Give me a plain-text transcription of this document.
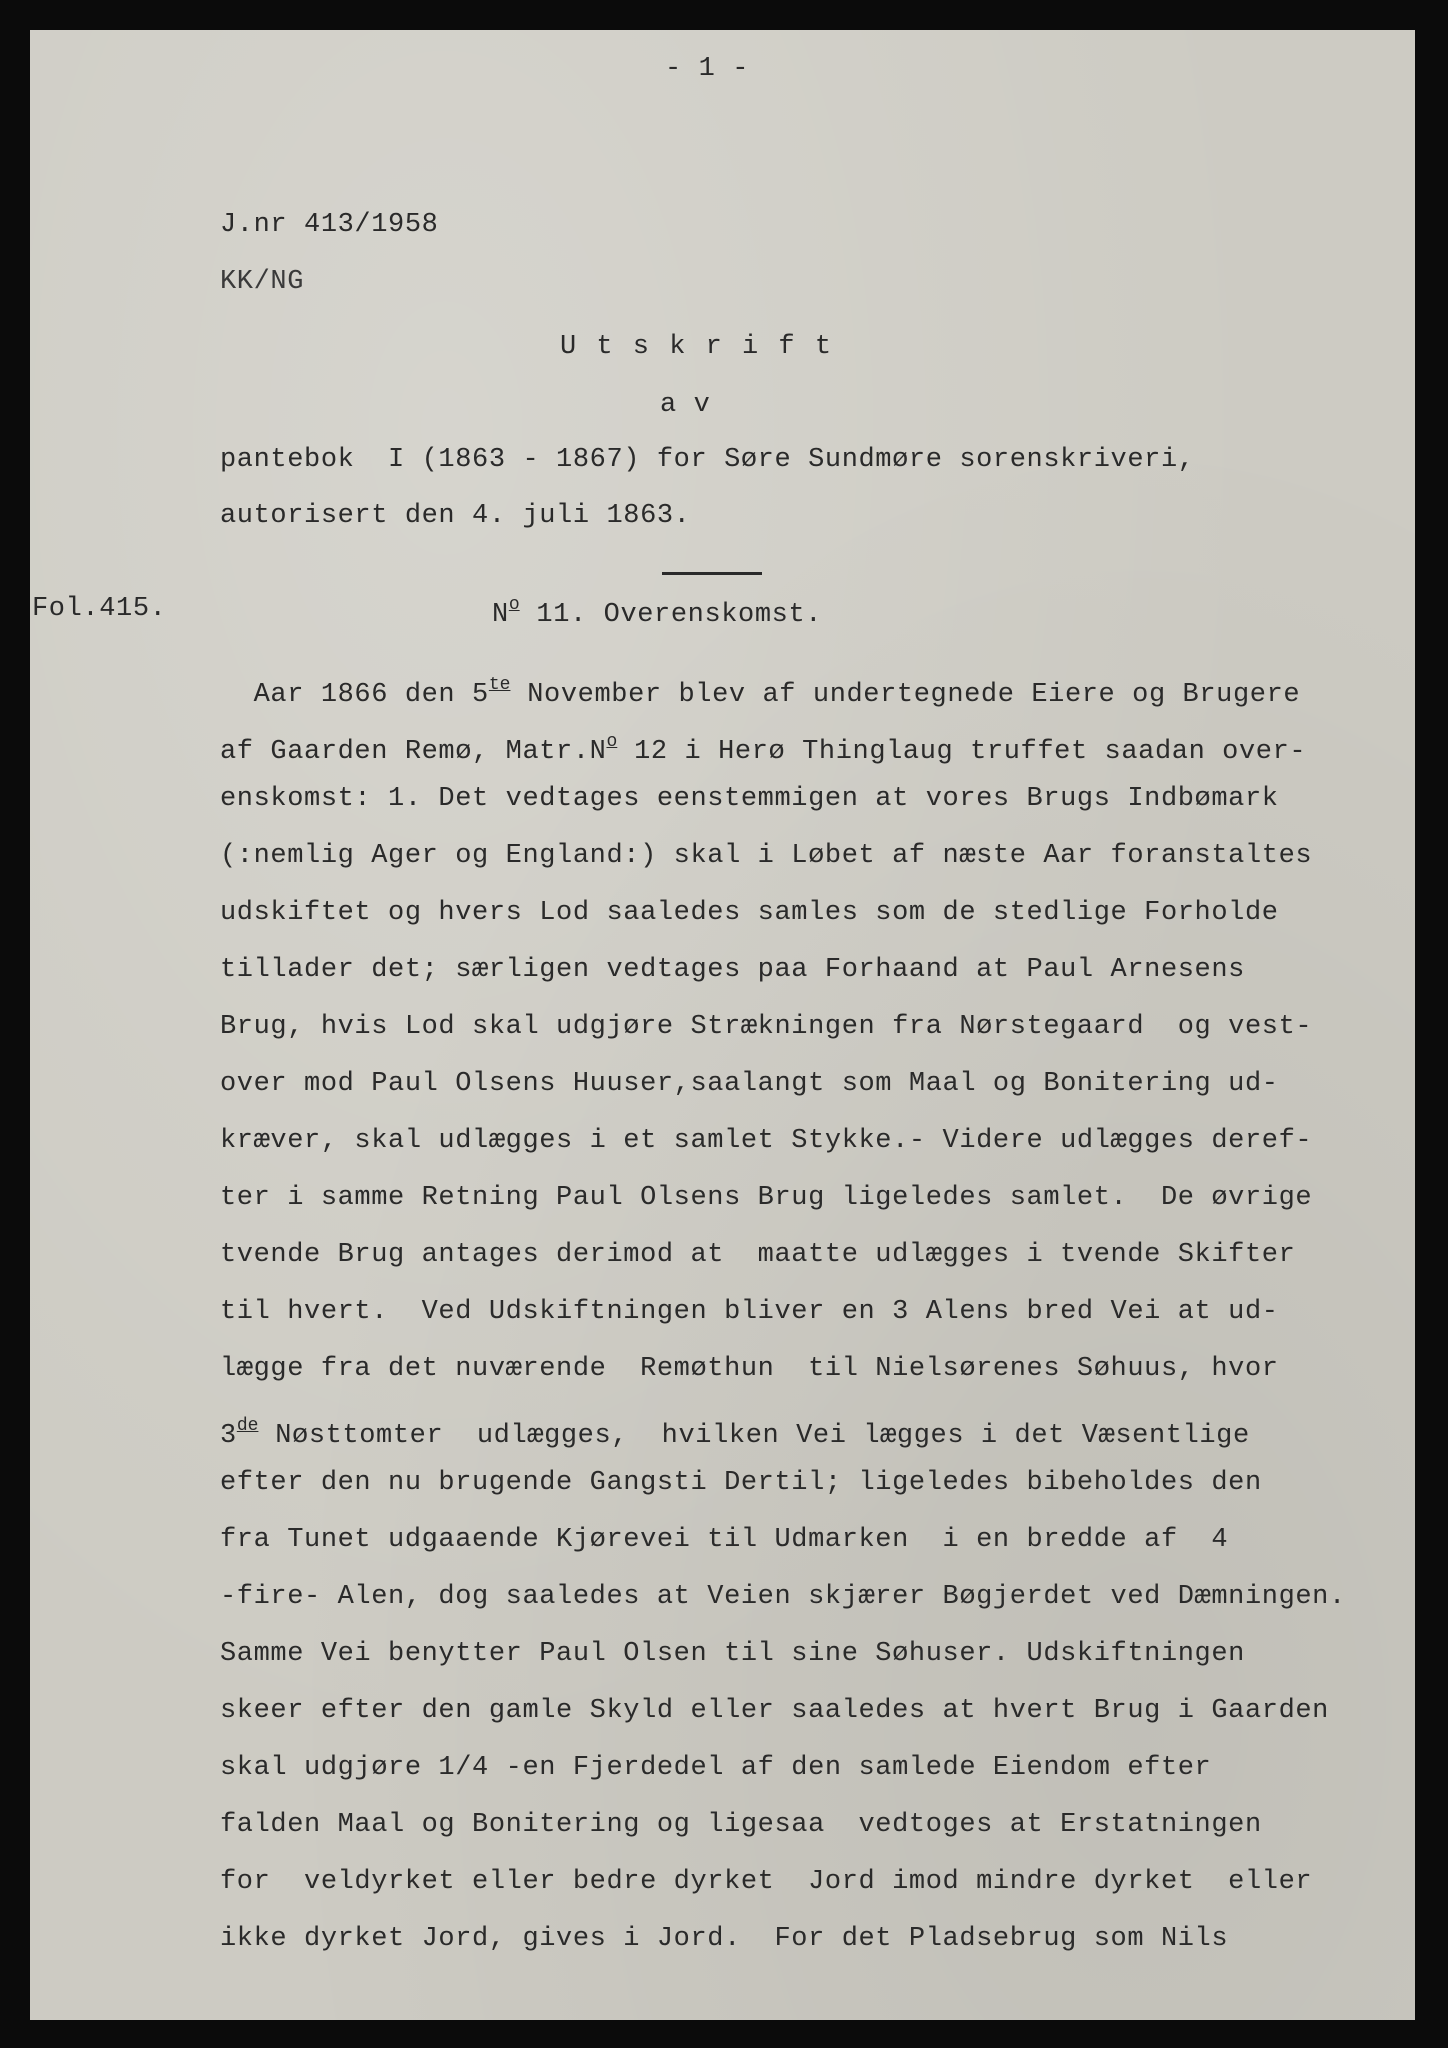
- 1 -

J.nr 413/1958

KK/NG

U t s k r i f t

a v

pantebok  I (1863 - 1867) for Søre Sundmøre sorenskriveri,

autorisert den 4. juli 1863.

Fol.415.	$N^o$ 11. Overenskomst.

Aar 1866 den $5^{te}$ November blev af undertegnede Eiere og Brugere

af Gaarden Remø, $Matr.N^o$ 12 i Herø Thinglaug truffet saadan over-

enskomst: 1. Det vedtages eenstemmigen at vores Brugs Indbømark

(:nemlig Ager og England:) skal i Løbet af næste Aar foranstaltes

udskiftet og hvers Lod saaledes samles som de stedlige Forholde

tillader det; særligen vedtages paa Forhaand at Paul Arnesens

Brug, hvis Lod skal udgjøre Strækningen fra Nørstegaard  og vest-

over mod Paul Olsens Huuser,saalangt som Maal og Bonitering ud-

kræver, skal udlægges i et samlet Stykke.- Videre udlægges deref-

ter i samme Retning Paul Olsens Brug ligeledes samlet.  De øvrige

tvende Brug antages derimod at  maatte udlægges i tvende Skifter

til hvert.  Ved Udskiftningen bliver en 3 Alens bred Vei at ud-

lægge fra det nuværende  Remøthun  til Nielsørenes Søhuus, hvor

3de Nøsttomter  udlægges,  hvilken Vei lægges i det Væsentlige

efter den nu brugende Gangsti Dertil; ligeledes bibeholdes den

fra Tunet udgaaende Kjørevei til Udmarken  i en bredde af  4

-fire- Alen, dog saaledes at Veien skjærer Bøgjerdet ved Dæmningen.

Samme Vei benytter Paul Olsen til sine Søhuser. Udskiftningen

skeer efter den gamle Skyld eller saaledes at hvert Brug i Gaarden

skal udgjøre 1/4 -en Fjerdedel af den samlede Eiendom efter

falden Maal og Bonitering og ligesaa  vedtoges at Erstatningen

for  veldyrket eller bedre dyrket  Jord imod mindre dyrket  eller

ikke dyrket Jord, gives i Jord.  For det Pladsebrug som Nils
